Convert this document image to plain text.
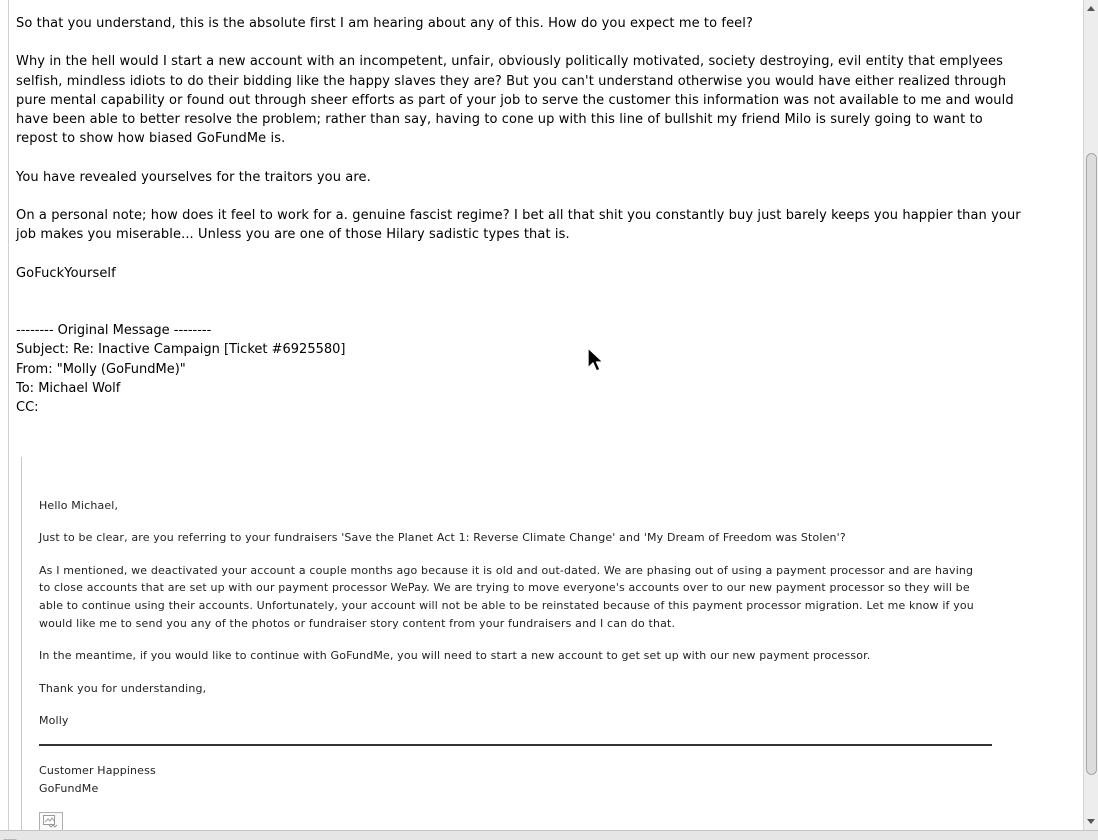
So that you understand, this is the absolute first I am hearing about any of this. How do you expect me to feel?
Why in the hell would I start a new account with an incompetent, unfair, obviously politically motivated, society destroying, evil entity that emplyees
selfish, mindless idiots to do their bidding like the happy slaves they are? But you can't understand otherwise you would have either realized through
pure mental capability or found out through sheer efforts as part of your job to serve the customer this information was not available to me and would
have been able to better resolve the problem; rather than say, having to cone up with this line of bullshit my friend Milo is surely going to want to
repost to show how biased GoFundMe is.
You have revealed yourselves for the traitors you are.
On a personal note; how does it feel to work for a. genuine fascist regime? I bet all that shit you constantly buy just barely keeps you happier than your
job makes you miserable... Unless you are one of those Hilary sadistic types that is.
GoFuckYourself
-------- Original Message --------
Subject: Re: Inactive Campaign [Ticket #6925580]
From: "Molly (GoFundMe)"
To: Michael Wolf
CC:
Hello Michael,
Just to be clear, are you referring to your fundraisers 'Save the Planet Act 1: Reverse Climate Change' and 'My Dream of Freedom was Stolen'?
As I mentioned, we deactivated your account a couple months ago because it is old and out-dated. We are phasing out of using a payment processor and are having
to close accounts that are set up with our payment processor WePay. We are trying to move everyone's accounts over to our new payment processor so they will be
able to continue using their accounts. Unfortunately, your account will not be able to be reinstated because of this payment processor migration. Let me know if you
would like me to send you any of the photos or fundraiser story content from your fundraisers and I can do that.
In the meantime, if you would like to continue with GoFundMe, you will need to start a new account to get set up with our new payment processor.
Thank you for understanding,
Molly
Customer Happiness
GoFundMe
